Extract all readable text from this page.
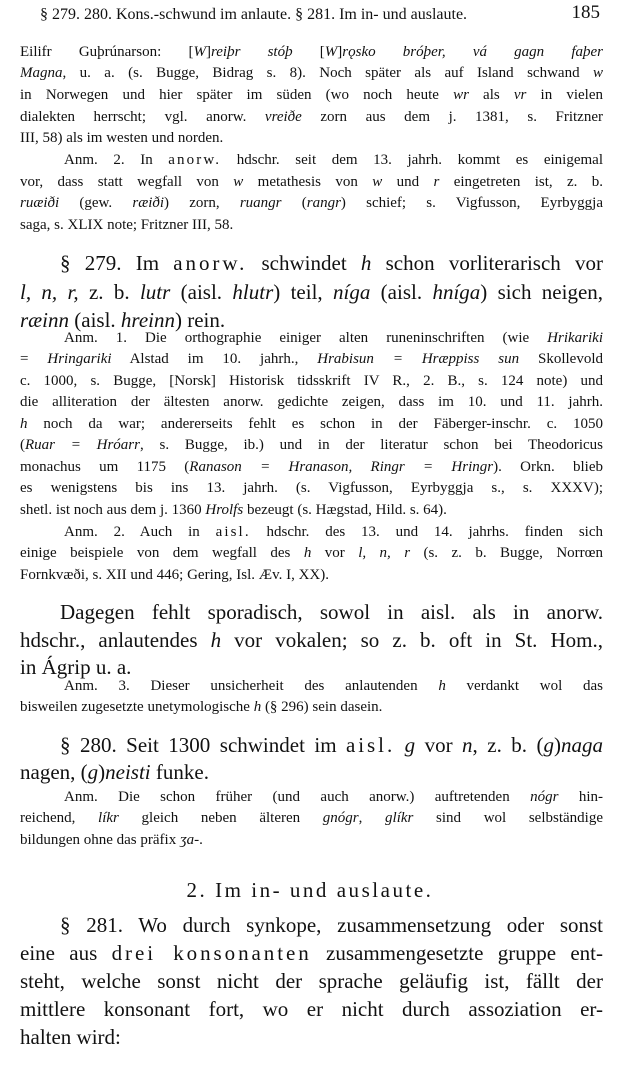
§ 279. 280. Kons.-schwund im anlaute. § 281. Im in- und auslaute.	185
Eilifr Guþrúnarson: [W]reiþr stóþ [W]rǫsko bróþer, vá gagn faþer
Magna, u. a. (s. Bugge, Bidrag s. 8). Noch später als auf Island schwand w
in Norwegen und hier später im süden (wo noch heute wr als vr in vielen
dialekten herrscht; vgl. anorw. vreiðe zorn aus dem j. 1381, s. Fritzner
III, 58) als im westen und norden.
Anm. 2. In anorw. hdschr. seit dem 13. jahrh. kommt es einigemal
vor, dass statt wegfall von w metathesis von w und r eingetreten ist, z. b.
ruæiði (gew. ræiði) zorn, ruangr (rangr) schief; s. Vigfusson, Eyrbyggja
saga, s. XLIX note; Fritzner III, 58.
§ 279. Im anorw. schwindet h schon vorliterarisch vor
l, n, r, z. b. lutr (aisl. hlutr) teil, níga (aisl. hníga) sich neigen,
ræinn (aisl. hreinn) rein.
Anm. 1. Die orthographie einiger alten runeninschriften (wie Hrikariki
= Hringariki Alstad im 10. jahrh., Hrabisun = Hræppiss sun Skollevold
c. 1000, s. Bugge, [Norsk] Historisk tidsskrift IV R., 2. B., s. 124 note) und
die alliteration der ältesten anorw. gedichte zeigen, dass im 10. und 11. jahrh.
h noch da war; andererseits fehlt es schon in der Fäberger-inschr. c. 1050
(Ruar = Hróarr, s. Bugge, ib.) und in der literatur schon bei Theodoricus
monachus um 1175 (Ranason = Hranason, Ringr = Hringr). Orkn. blieb
es wenigstens bis ins 13. jahrh. (s. Vigfusson, Eyrbyggja s., s. XXXV);
shetl. ist noch aus dem j. 1360 Hrolfs bezeugt (s. Hægstad, Hild. s. 64).
Anm. 2. Auch in aisl. hdschr. des 13. und 14. jahrhs. finden sich
einige beispiele von dem wegfall des h vor l, n, r (s. z. b. Bugge, Norrœn
Fornkvæði, s. XII und 446; Gering, Isl. Æv. I, XX).
Dagegen fehlt sporadisch, sowol in aisl. als in anorw.
hdschr., anlautendes h vor vokalen; so z. b. oft in St. Hom.,
in Ágrip u. a.
Anm. 3. Dieser unsicherheit des anlautenden h verdankt wol das
bisweilen zugesetzte unetymologische h (§ 296) sein dasein.
§ 280. Seit 1300 schwindet im aisl. g vor n, z. b. (g)naga
nagen, (g)neisti funke.
Anm. Die schon früher (und auch anorw.) auftretenden nógr hin-
reichend, líkr gleich neben älteren gnógr, glíkr sind wol selbständige
bildungen ohne das präfix ʒa-.
§ 281. Wo durch synkope, zusammensetzung oder sonst
eine aus drei konsonanten zusammengesetzte gruppe ent-
steht, welche sonst nicht der sprache geläufig ist, fällt der
mittlere konsonant fort, wo er nicht durch assoziation er-
halten wird:
2. Im in- und auslaute.
